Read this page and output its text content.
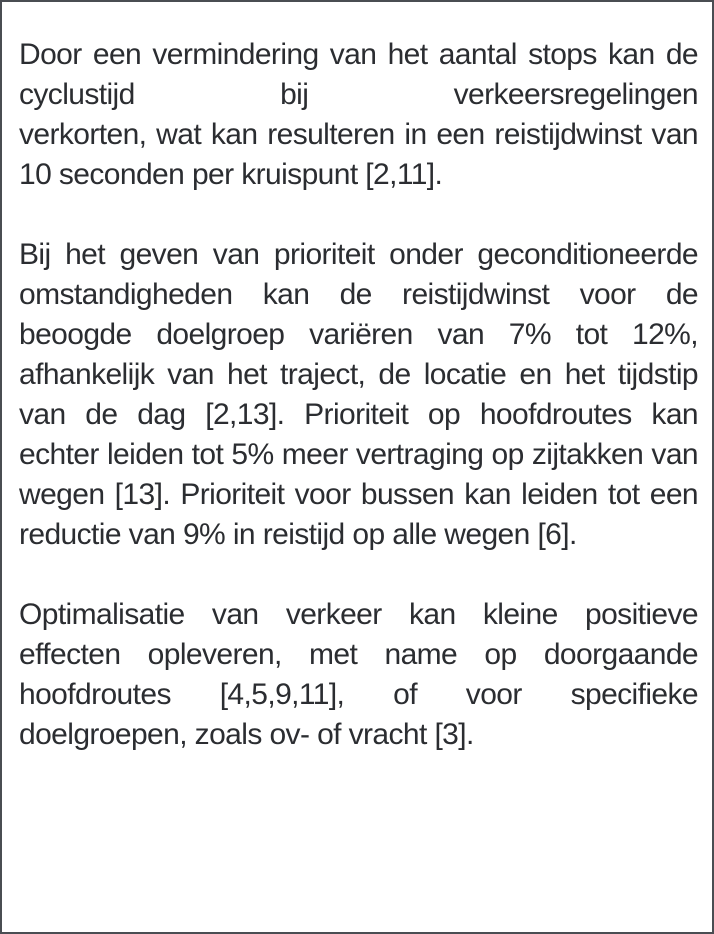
Door een vermindering van het aantal stops kan de cyclustijd bij verkeersregelingen
verkorten, wat kan resulteren in een reistijdwinst van 10 seconden per kruispunt [2,11].

Bij het geven van prioriteit onder geconditioneerde omstandigheden kan de reistijdwinst voor de beoogde doelgroep variëren van 7% tot 12%, afhankelijk van het traject, de locatie en het tijdstip van de dag [2,13]. Prioriteit op hoofdroutes kan echter leiden tot 5% meer vertraging op zijtakken van wegen [13]. Prioriteit voor bussen kan leiden tot een reductie van 9% in reistijd op alle wegen [6].

Optimalisatie van verkeer kan kleine positieve effecten opleveren, met name op doorgaande hoofdroutes [4,5,9,11], of voor specifieke doelgroepen, zoals ov- of vracht [3].
